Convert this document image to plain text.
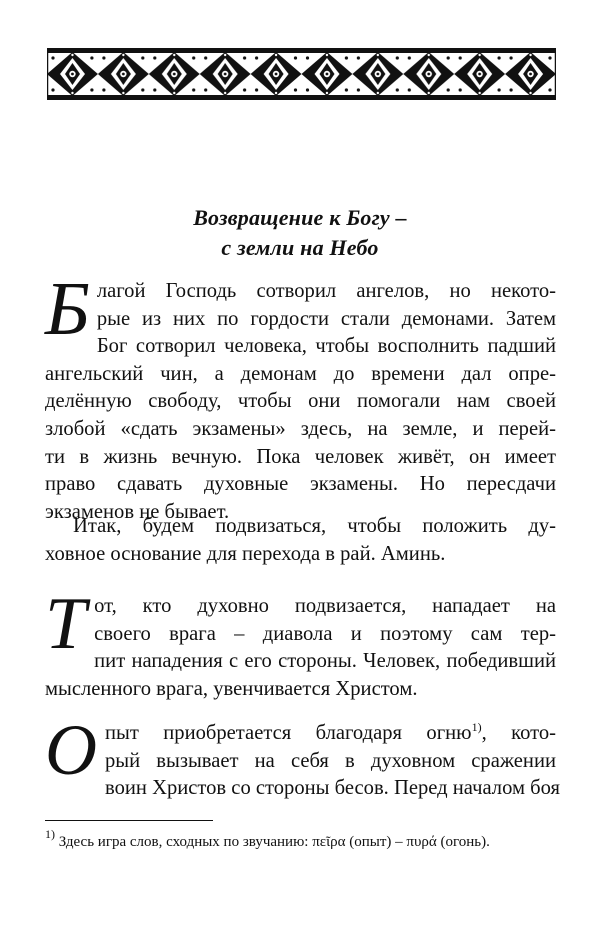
Возвращение к Богу –
с земли на Небо
Б лагой Господь сотворил ангелов, но некото-
рые из них по гордости стали демонами. Затем
Бог сотворил человека, чтобы восполнить падший
ангельский чин, а демонам до времени дал опре-
делённую свободу, чтобы они помогали нам своей
злобой «сдать экзамены» здесь, на земле, и перей-
ти в жизнь вечную. Пока человек живёт, он имеет
право сдавать духовные экзамены. Но пересдачи
экзаменов не бывает.
Итак, будем подвизаться, чтобы положить ду-
ховное основание для перехода в рай. Аминь.
Т от, кто духовно подвизается, нападает на
своего врага – диавола и поэтому сам тер-
пит нападения с его стороны. Человек, победивший
мысленного врага, увенчивается Христом.
О пыт приобретается благодаря огню$^{1)}$, кото-
рый вызывает на себя в духовном сражении
воин Христов со стороны бесов. Перед началом боя
$^{1)}$ Здесь игра слов, сходных по звучанию: πεῖρα (опыт) – πυρά (огонь).
